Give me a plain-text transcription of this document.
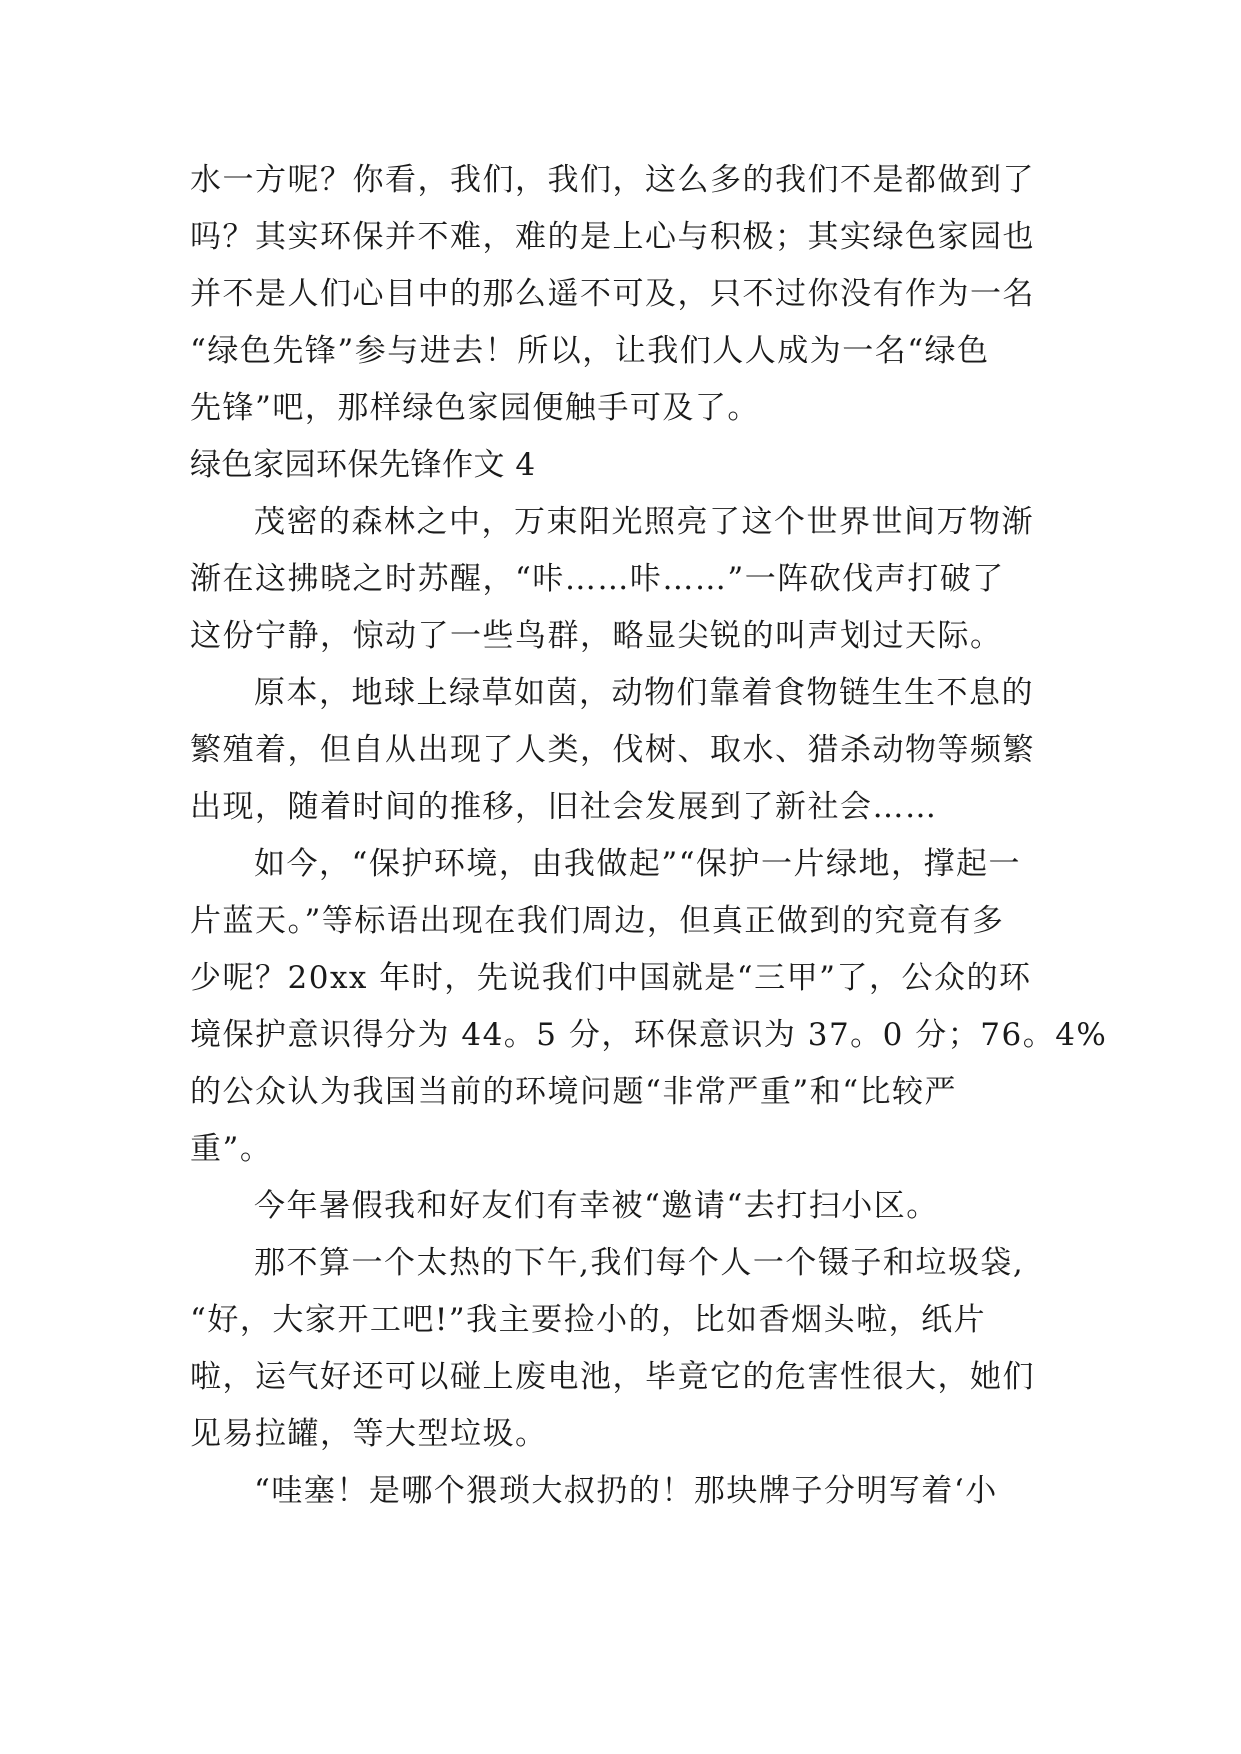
水一方呢？你看，我们，我们，这么多的我们不是都做到了
吗？其实环保并不难，难的是上心与积极；其实绿色家园也
并不是人们心目中的那么遥不可及，只不过你没有作为一名
“绿色先锋”参与进去！所以，让我们人人成为一名“绿色
先锋”吧，那样绿色家园便触手可及了。
绿色家园环保先锋作文 4
茂密的森林之中，万束阳光照亮了这个世界世间万物渐
渐在这拂晓之时苏醒，“咔……咔……”一阵砍伐声打破了
这份宁静，惊动了一些鸟群，略显尖锐的叫声划过天际。
原本，地球上绿草如茵，动物们靠着食物链生生不息的
繁殖着，但自从出现了人类，伐树、取水、猎杀动物等频繁
出现，随着时间的推移，旧社会发展到了新社会……
如今，“保护环境，由我做起”“保护一片绿地，撑起一
片蓝天。”等标语出现在我们周边，但真正做到的究竟有多
少呢？20xx 年时，先说我们中国就是“三甲”了，公众的环
境保护意识得分为 44。5 分，环保意识为 37。0 分；76。4%
的公众认为我国当前的环境问题“非常严重”和“比较严
重”。
今年暑假我和好友们有幸被“邀请“去打扫小区。
那不算一个太热的下午,我们每个人一个镊子和垃圾袋,
“好，大家开工吧!”我主要捡小的，比如香烟头啦，纸片
啦，运气好还可以碰上废电池，毕竟它的危害性很大，她们
见易拉罐，等大型垃圾。
“哇塞！是哪个猥琐大叔扔的！那块牌子分明写着‘小
